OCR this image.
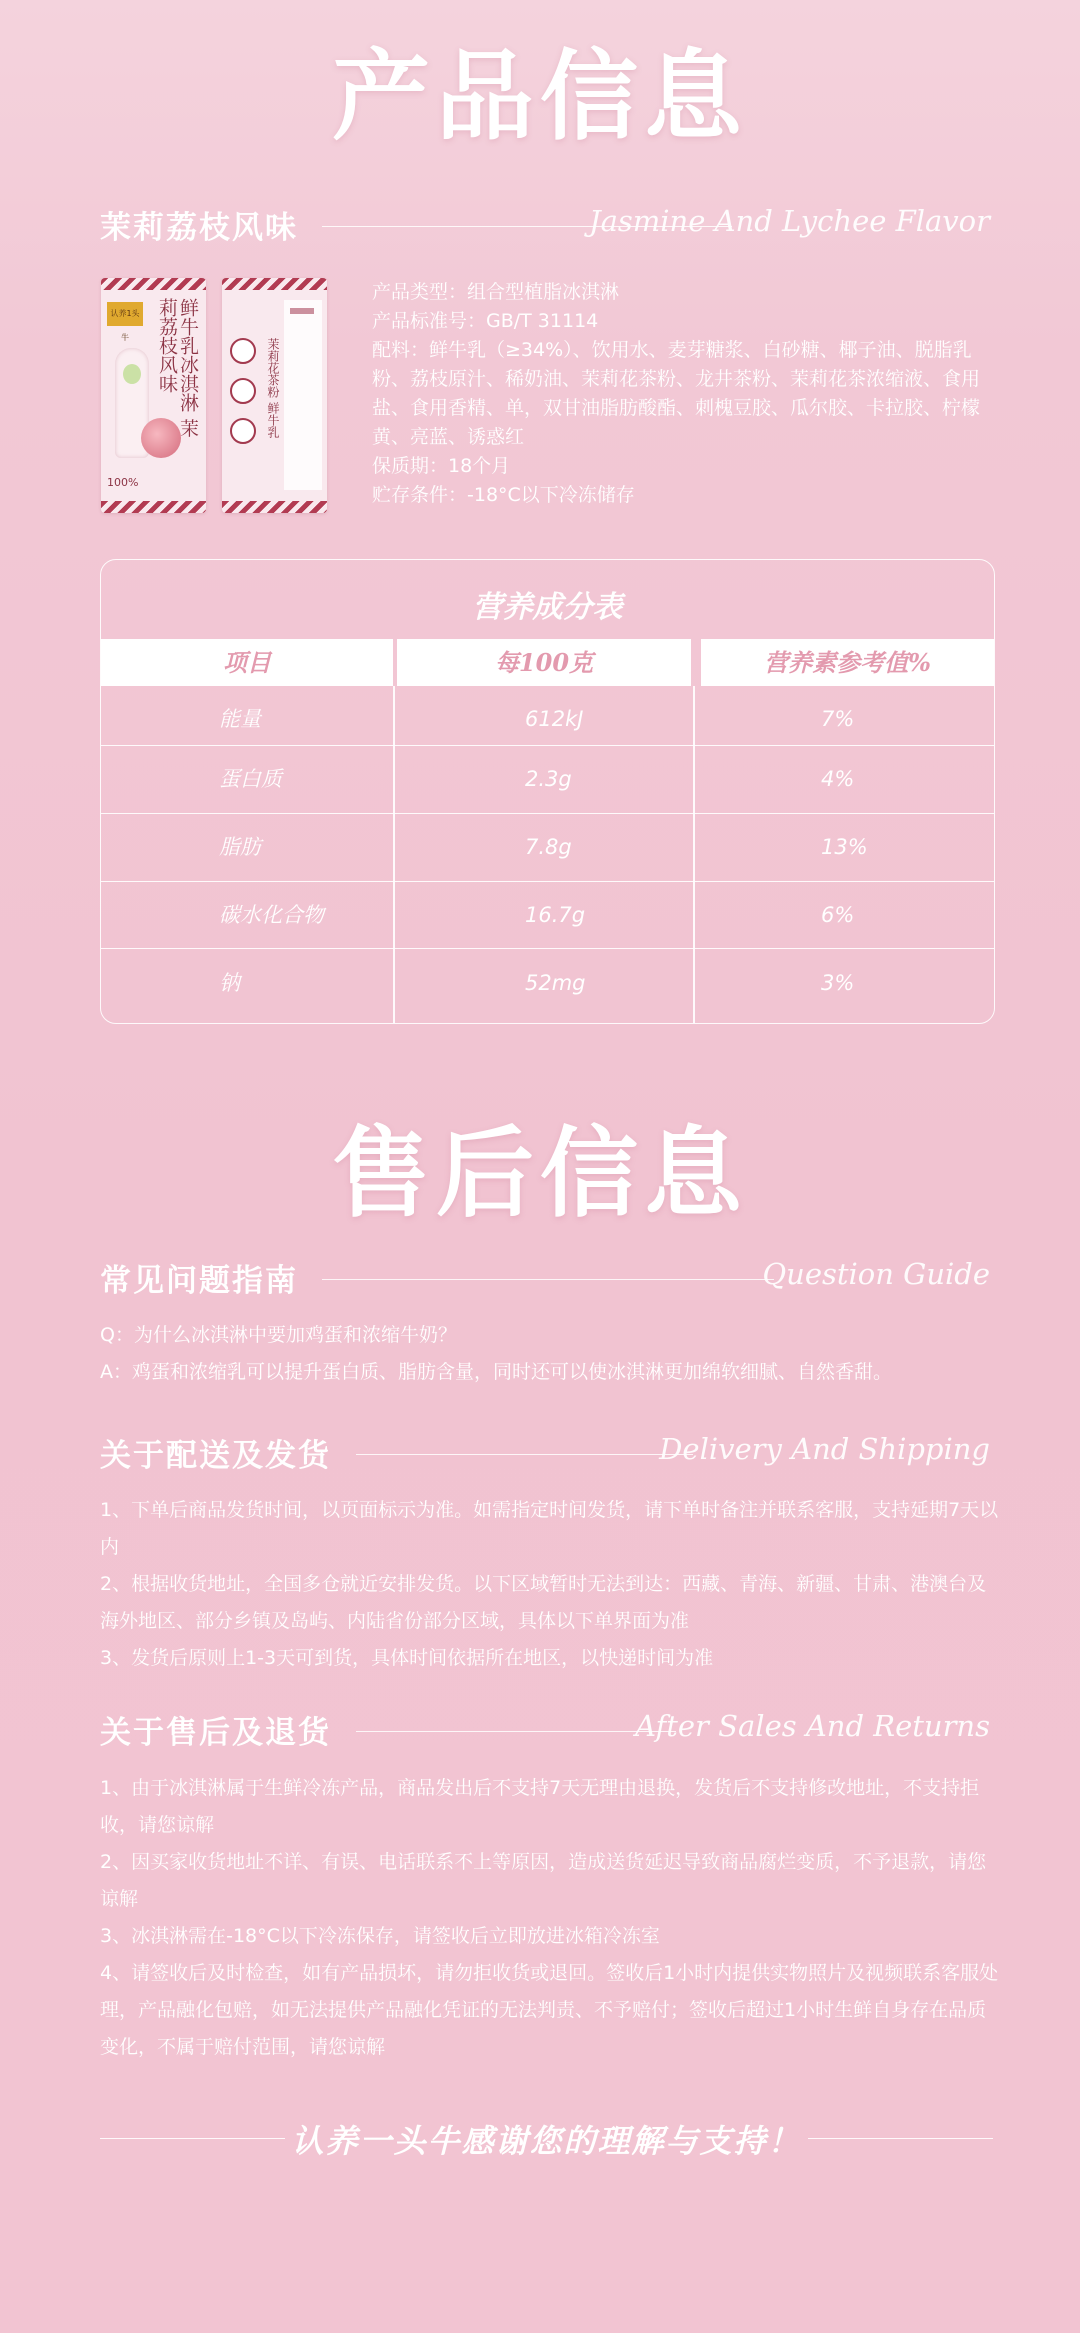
产品信息
茉莉荔枝风味	Jasmine And Lychee Flavor
认养1头牛	鲜牛乳冰淇淋 茉莉荔枝风味
100%
茉莉花茶粉 鲜牛乳

产品类型：组合型植脂冰淇淋

产品标准号：GB/T 31114

配料：鲜牛乳（≥34%）、饮用水、麦芽糖浆、白砂糖、椰子油、脱脂乳粉、荔枝原汁、稀奶油、茉莉花茶粉、龙井茶粉、茉莉花茶浓缩液、食用盐、食用香精、单，双甘油脂肪酸酯、刺槐豆胶、瓜尔胶、卡拉胶、柠檬黄、亮蓝、诱惑红

保质期：18个月

贮存条件：-18°C以下冷冻储存

营养成分表
项目	每100克	营养素参考值%
能量	612kJ	7%
蛋白质	2.3g	4%
脂肪	7.8g	13%
碳水化合物	16.7g	6%
钠	52mg	3%
售后信息
常见问题指南	Question Guide

Q：为什么冰淇淋中要加鸡蛋和浓缩牛奶？

A：鸡蛋和浓缩乳可以提升蛋白质、脂肪含量，同时还可以使冰淇淋更加绵软细腻、自然香甜。

关于配送及发货	Delivery And Shipping

1、下单后商品发货时间，以页面标示为准。如需指定时间发货，请下单时备注并联系客服，支持延期7天以内

2、根据收货地址，全国多仓就近安排发货。以下区域暂时无法到达：西藏、青海、新疆、甘肃、港澳台及海外地区、部分乡镇及岛屿、内陆省份部分区域，具体以下单界面为准

3、发货后原则上1-3天可到货，具体时间依据所在地区，以快递时间为准

关于售后及退货	After Sales And Returns

1、由于冰淇淋属于生鲜冷冻产品，商品发出后不支持7天无理由退换，发货后不支持修改地址，不支持拒收，请您谅解

2、因买家收货地址不详、有误、电话联系不上等原因，造成送货延迟导致商品腐烂变质，不予退款，请您谅解

3、冰淇淋需在-18°C以下冷冻保存，请签收后立即放进冰箱冷冻室

4、请签收后及时检查，如有产品损坏，请勿拒收货或退回。签收后1小时内提供实物照片及视频联系客服处理，产品融化包赔，如无法提供产品融化凭证的无法判责、不予赔付；签收后超过1小时生鲜自身存在品质变化，不属于赔付范围，请您谅解

认养一头牛感谢您的理解与支持！
